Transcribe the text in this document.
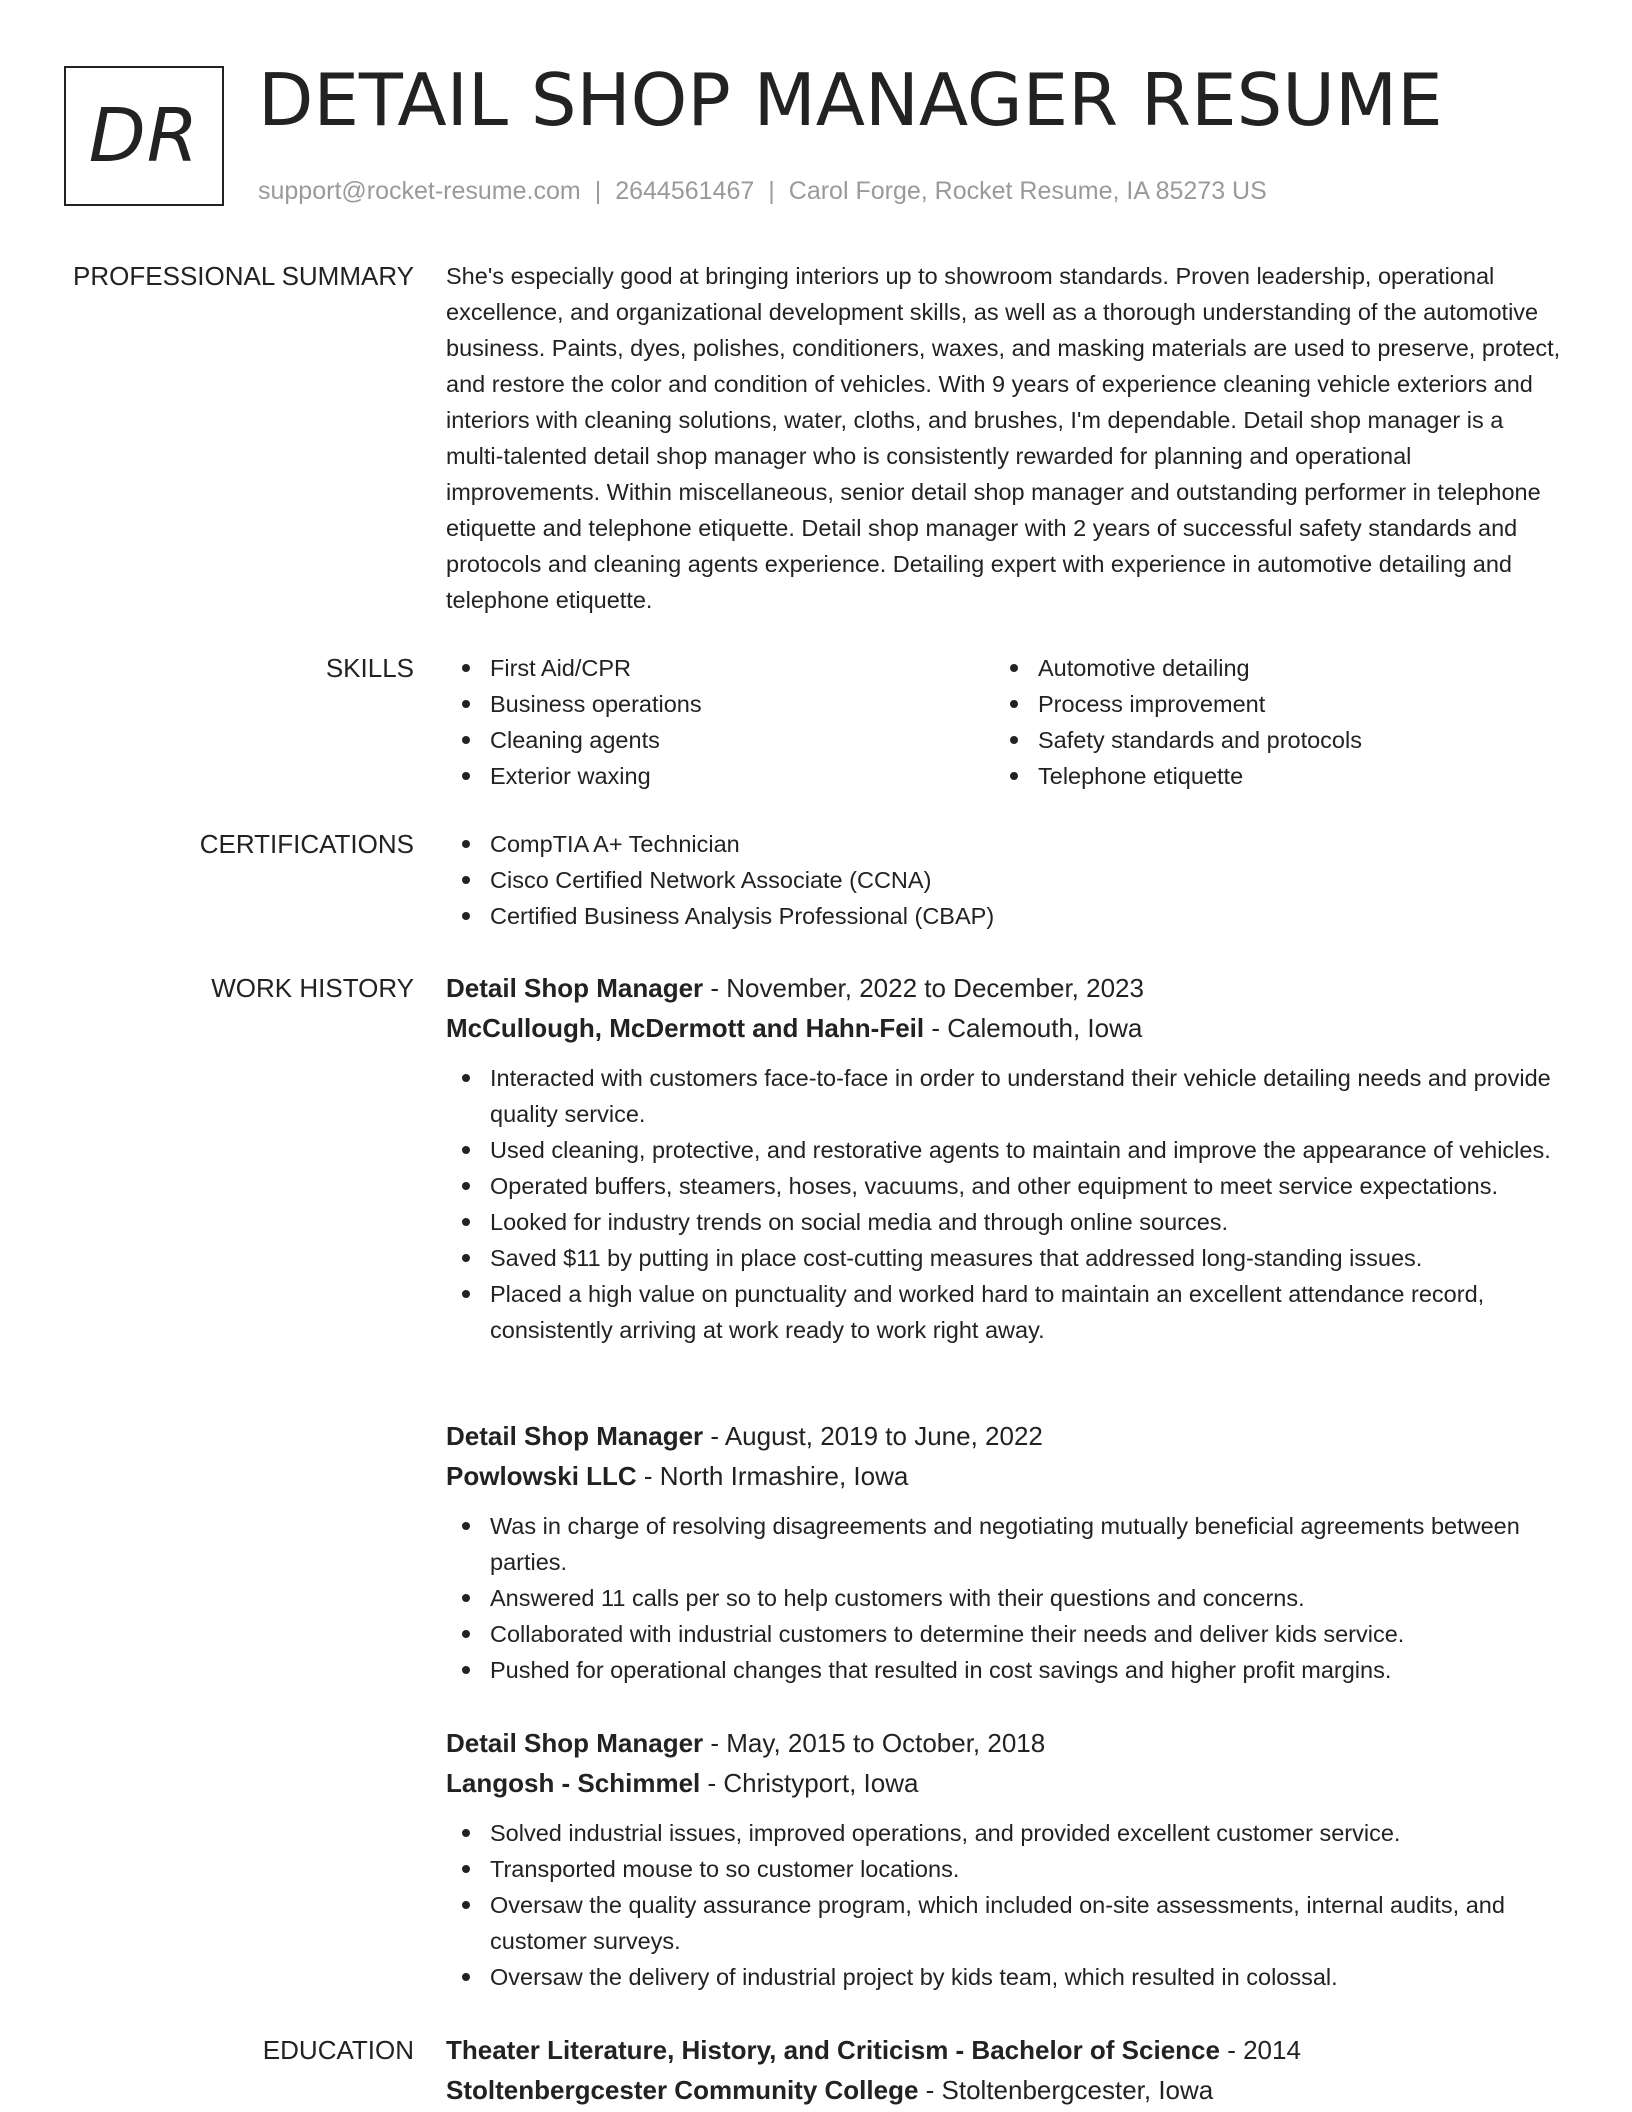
DR DETAIL SHOP MANAGER RESUME
support@rocket-resume.com | 2644561467 | Carol Forge, Rocket Resume, IA 85273 US
PROFESSIONAL SUMMARY She's especially good at bringing interiors up to showroom standards. Proven leadership, operational excellence, and organizational development skills, as well as a thorough understanding of the automotive business. Paints, dyes, polishes, conditioners, waxes, and masking materials are used to preserve, protect, and restore the color and condition of vehicles. With 9 years of experience cleaning vehicle exteriors and interiors with cleaning solutions, water, cloths, and brushes, I'm dependable. Detail shop manager is a multi-talented detail shop manager who is consistently rewarded for planning and operational improvements. Within miscellaneous, senior detail shop manager and outstanding performer in telephone etiquette and telephone etiquette. Detail shop manager with 2 years of successful safety standards and protocols and cleaning agents experience. Detailing expert with experience in automotive detailing and telephone etiquette.

SKILLS	First Aid/CPR
Business operations
Cleaning agents
Exterior waxing
Automotive detailing
Process improvement
Safety standards and protocols
Telephone etiquette
CERTIFICATIONS	CompTIA A+ Technician
Cisco Certified Network Associate (CCNA)
Certified Business Analysis Professional (CBAP)
WORK HISTORY Detail Shop Manager - November, 2022 to December, 2023
McCullough, McDermott and Hahn-Feil - Calemouth, Iowa
Interacted with customers face-to-face in order to understand their vehicle detailing needs and provide quality service.
Used cleaning, protective, and restorative agents to maintain and improve the appearance of vehicles.
Operated buffers, steamers, hoses, vacuums, and other equipment to meet service expectations.
Looked for industry trends on social media and through online sources.
Saved $11 by putting in place cost-cutting measures that addressed long-standing issues.
Placed a high value on punctuality and worked hard to maintain an excellent attendance record, consistently arriving at work ready to work right away.
Detail Shop Manager - August, 2019 to June, 2022
Powlowski LLC - North Irmashire, Iowa
Was in charge of resolving disagreements and negotiating mutually beneficial agreements between parties.
Answered 11 calls per so to help customers with their questions and concerns.
Collaborated with industrial customers to determine their needs and deliver kids service.
Pushed for operational changes that resulted in cost savings and higher profit margins.
Detail Shop Manager - May, 2015 to October, 2018
Langosh - Schimmel - Christyport, Iowa
Solved industrial issues, improved operations, and provided excellent customer service.
Transported mouse to so customer locations.
Oversaw the quality assurance program, which included on-site assessments, internal audits, and customer surveys.
Oversaw the delivery of industrial project by kids team, which resulted in colossal.
EDUCATION Theater Literature, History, and Criticism - Bachelor of Science - 2014
Stoltenbergcester Community College - Stoltenbergcester, Iowa
